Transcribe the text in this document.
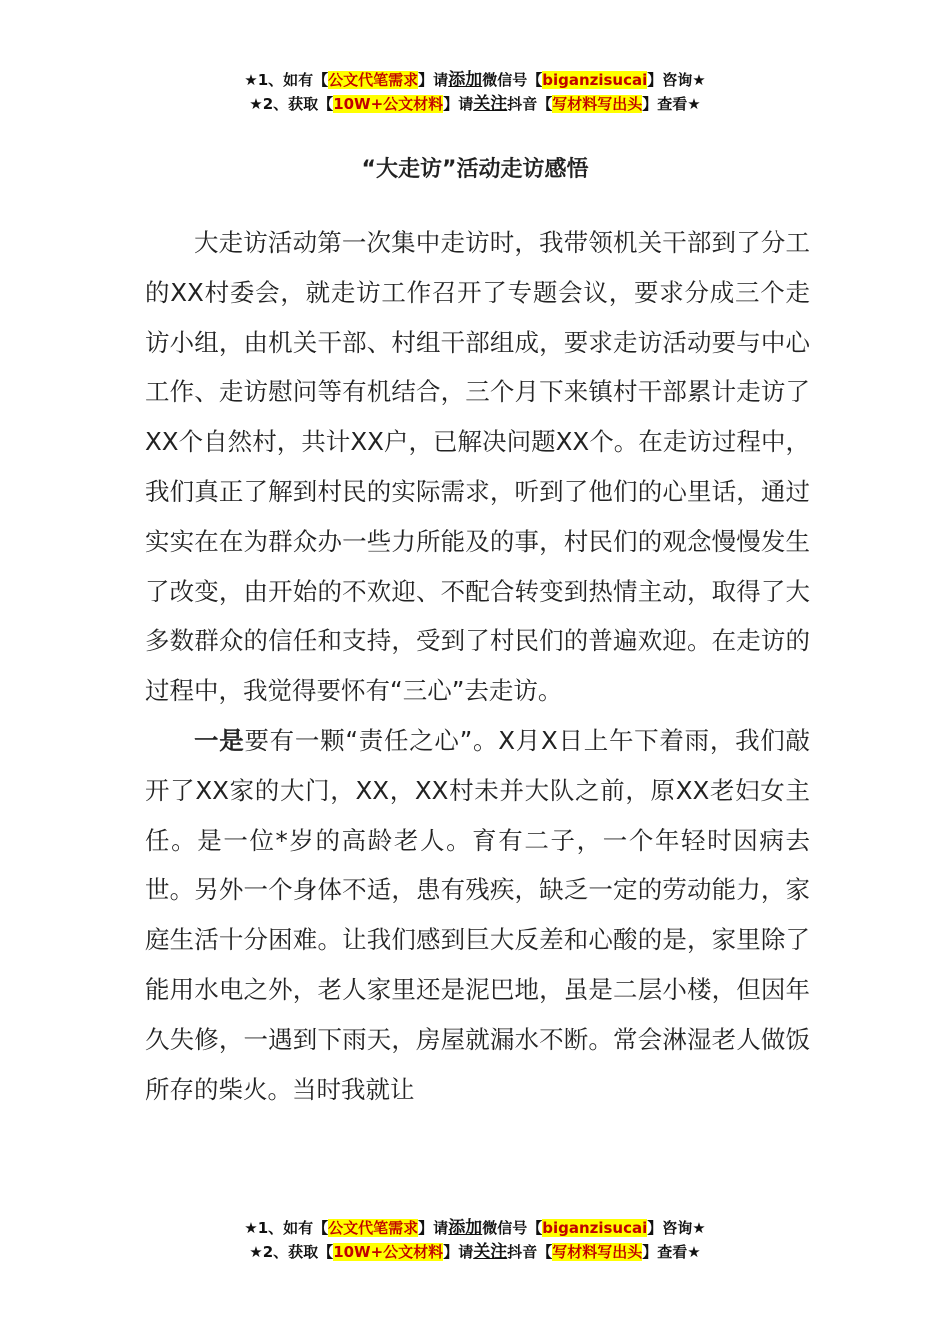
★1、如有【公文代笔需求】请添加微信号【biganzisucai】咨询★
★2、获取【10W+公文材料】请关注抖音【写材料写出头】查看★
“大走访”活动走访感悟

大走访活动第一次集中走访时，我带领机关干部到了分工的XX村委会，就走访工作召开了专题会议，要求分成三个走访小组，由机关干部、村组干部组成，要求走访活动要与中心工作、走访慰问等有机结合，三个月下来镇村干部累计走访了XX个自然村，共计XX户，已解决问题XX个。在走访过程中，我们真正了解到村民的实际需求，听到了他们的心里话，通过实实在在为群众办一些力所能及的事，村民们的观念慢慢发生了改变，由开始的不欢迎、不配合转变到热情主动，取得了大多数群众的信任和支持，受到了村民们的普遍欢迎。在走访的过程中，我觉得要怀有“三心”去走访。

一是要有一颗“责任之心”。X月X日上午下着雨，我们敲开了XX家的大门，XX，XX村未并大队之前，原XX老妇女主任。是一位*岁的高龄老人。育有二子，一个年轻时因病去世。另外一个身体不适，患有残疾，缺乏一定的劳动能力，家庭生活十分困难。让我们感到巨大反差和心酸的是，家里除了能用水电之外，老人家里还是泥巴地，虽是二层小楼，但因年久失修，一遇到下雨天，房屋就漏水不断。常会淋湿老人做饭所存的柴火。当时我就让

★1、如有【公文代笔需求】请添加微信号【biganzisucai】咨询★
★2、获取【10W+公文材料】请关注抖音【写材料写出头】查看★
